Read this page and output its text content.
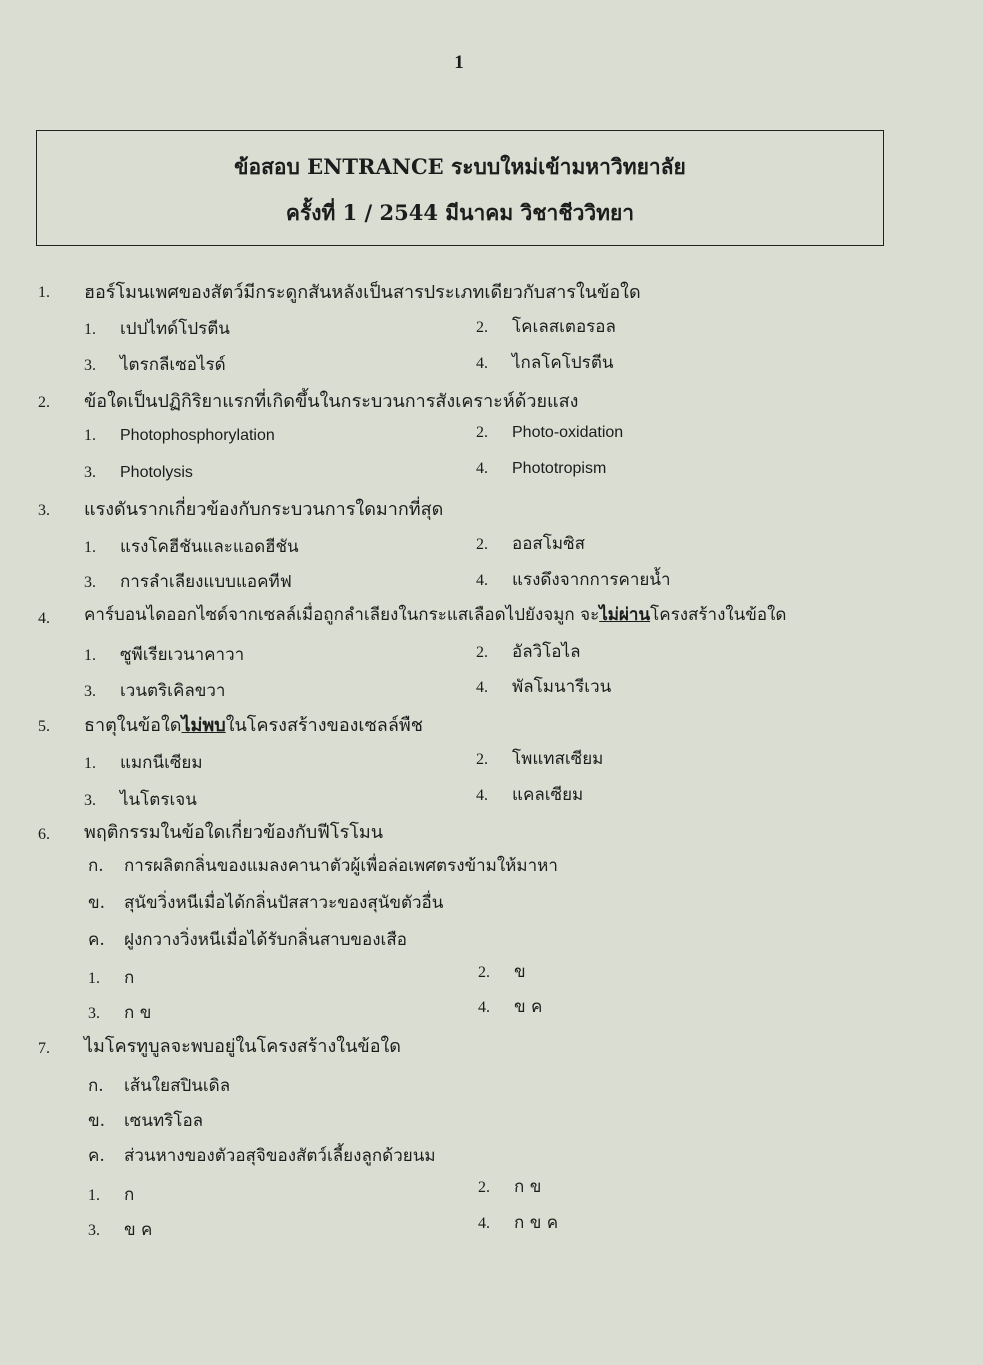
1
ข้อสอบ ENTRANCE ระบบใหม่เข้ามหาวิทยาลัย
ครั้งที่ 1 / 2544 มีนาคม วิชาชีววิทยา
1.	ฮอร์โมนเพศของสัตว์มีกระดูกสันหลังเป็นสารประเภทเดียวกับสารในข้อใด
1. เปปไทด์โปรตีน	2. โคเลสเตอรอล
3. ไตรกลีเซอไรด์	4. ไกลโคโปรตีน
2.	ข้อใดเป็นปฏิกิริยาแรกที่เกิดขึ้นในกระบวนการสังเคราะห์ด้วยแสง
1. Photophosphorylation	2. Photo-oxidation
3. Photolysis	4. Phototropism
3.	แรงดันรากเกี่ยวข้องกับกระบวนการใดมากที่สุด
1. แรงโคฮีชันและแอดฮีชัน	2. ออสโมซิส
3. การลำเลียงแบบแอคทีฟ	4. แรงดึงจากการคายน้ำ
4.	คาร์บอนไดออกไซด์จากเซลล์เมื่อถูกลำเลียงในกระแสเลือดไปยังจมูก จะไม่ผ่านโครงสร้างในข้อใด
1. ซูพีเรียเวนาคาวา	2. อัลวิโอไล
3. เวนตริเคิลขวา	4. พัลโมนารีเวน
5.	ธาตุในข้อใดไม่พบในโครงสร้างของเซลล์พืช
1. แมกนีเซียม	2. โพแทสเซียม
3. ไนโตรเจน	4. แคลเซียม
6.	พฤติกรรมในข้อใดเกี่ยวข้องกับฟีโรโมน
ก. การผลิตกลิ่นของแมลงคานาตัวผู้เพื่อล่อเพศตรงข้ามให้มาหา
ข. สุนัขวิ่งหนีเมื่อได้กลิ่นปัสสาวะของสุนัขตัวอื่น
ค. ฝูงกวางวิ่งหนีเมื่อได้รับกลิ่นสาบของเสือ
1. ก	2. ข
3. ก ข	4. ข ค
7.	ไมโครทูบูลจะพบอยู่ในโครงสร้างในข้อใด
ก. เส้นใยสปินเดิล
ข. เซนทริโอล
ค. ส่วนหางของตัวอสุจิของสัตว์เลี้ยงลูกด้วยนม
1. ก	2. ก ข
3. ข ค	4. ก ข ค
